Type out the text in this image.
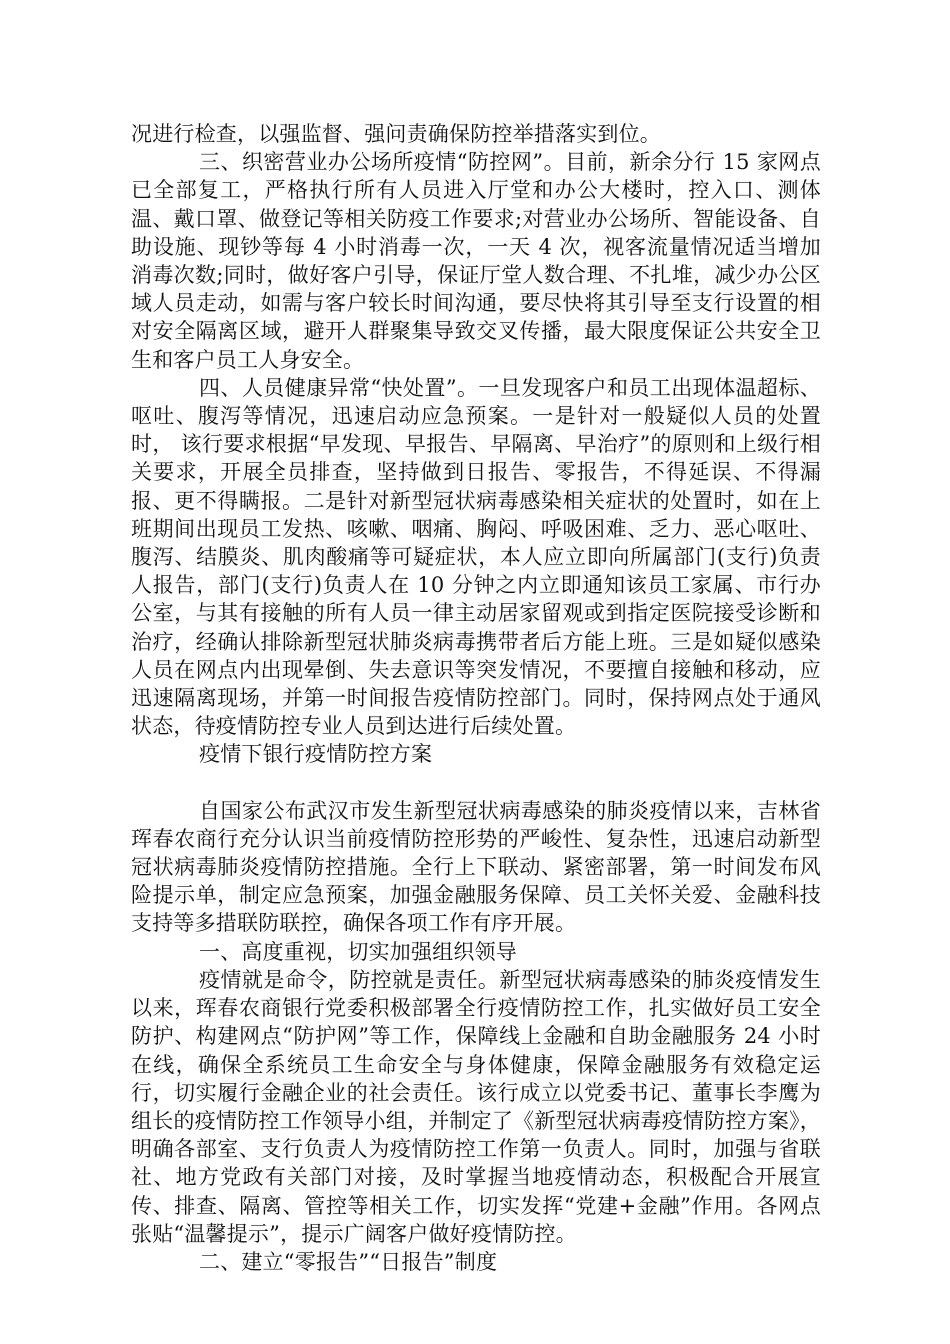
况进行检查，以强监督、强问责确保防控举措落实到位。

三、织密营业办公场所疫情“防控网”。目前，新余分行 15 家网点已全部复工，严格执行所有人员进入厅堂和办公大楼时，控入口、测体温、戴口罩、做登记等相关防疫工作要求;对营业办公场所、智能设备、自助设施、现钞等每 4 小时消毒一次，一天 4 次，视客流量情况适当增加消毒次数;同时，做好客户引导，保证厅堂人数合理、不扎堆，减少办公区域人员走动，如需与客户较长时间沟通，要尽快将其引导至支行设置的相对安全隔离区域，避开人群聚集导致交叉传播，最大限度保证公共安全卫生和客户员工人身安全。

四、人员健康异常“快处置”。一旦发现客户和员工出现体温超标、呕吐、腹泻等情况，迅速启动应急预案。一是针对一般疑似人员的处置时， 该行要求根据“早发现、早报告、早隔离、早治疗”的原则和上级行相关要求，开展全员排查，坚持做到日报告、零报告，不得延误、不得漏报、更不得瞒报。二是针对新型冠状病毒感染相关症状的处置时，如在上班期间出现员工发热、咳嗽、咽痛、胸闷、呼吸困难、乏力、恶心呕吐、腹泻、结膜炎、肌肉酸痛等可疑症状，本人应立即向所属部门(支行)负责人报告，部门(支行)负责人在 10 分钟之内立即通知该员工家属、市行办公室，与其有接触的所有人员一律主动居家留观或到指定医院接受诊断和治疗，经确认排除新型冠状肺炎病毒携带者后方能上班。三是如疑似感染人员在网点内出现晕倒、失去意识等突发情况，不要擅自接触和移动，应迅速隔离现场，并第一时间报告疫情防控部门。同时，保持网点处于通风状态，待疫情防控专业人员到达进行后续处置。

疫情下银行疫情防控方案

自国家公布武汉市发生新型冠状病毒感染的肺炎疫情以来，吉林省珲春农商行充分认识当前疫情防控形势的严峻性、复杂性，迅速启动新型冠状病毒肺炎疫情防控措施。全行上下联动、紧密部署，第一时间发布风险提示单，制定应急预案，加强金融服务保障、员工关怀关爱、金融科技支持等多措联防联控，确保各项工作有序开展。

一、高度重视，切实加强组织领导

疫情就是命令，防控就是责任。新型冠状病毒感染的肺炎疫情发生以来，珲春农商银行党委积极部署全行疫情防控工作，扎实做好员工安全防护、构建网点“防护网”等工作，保障线上金融和自助金融服务 24 小时在线，确保全系统员工生命安全与身体健康，保障金融服务有效稳定运行，切实履行金融企业的社会责任。该行成立以党委书记、董事长李鹰为组长的疫情防控工作领导小组，并制定了《新型冠状病毒疫情防控方案》，明确各部室、支行负责人为疫情防控工作第一负责人。同时，加强与省联社、地方党政有关部门对接，及时掌握当地疫情动态，积极配合开展宣传、排查、隔离、管控等相关工作，切实发挥“党建+金融”作用。各网点张贴“温馨提示”，提示广阔客户做好疫情防控。

二、建立“零报告”“日报告”制度
